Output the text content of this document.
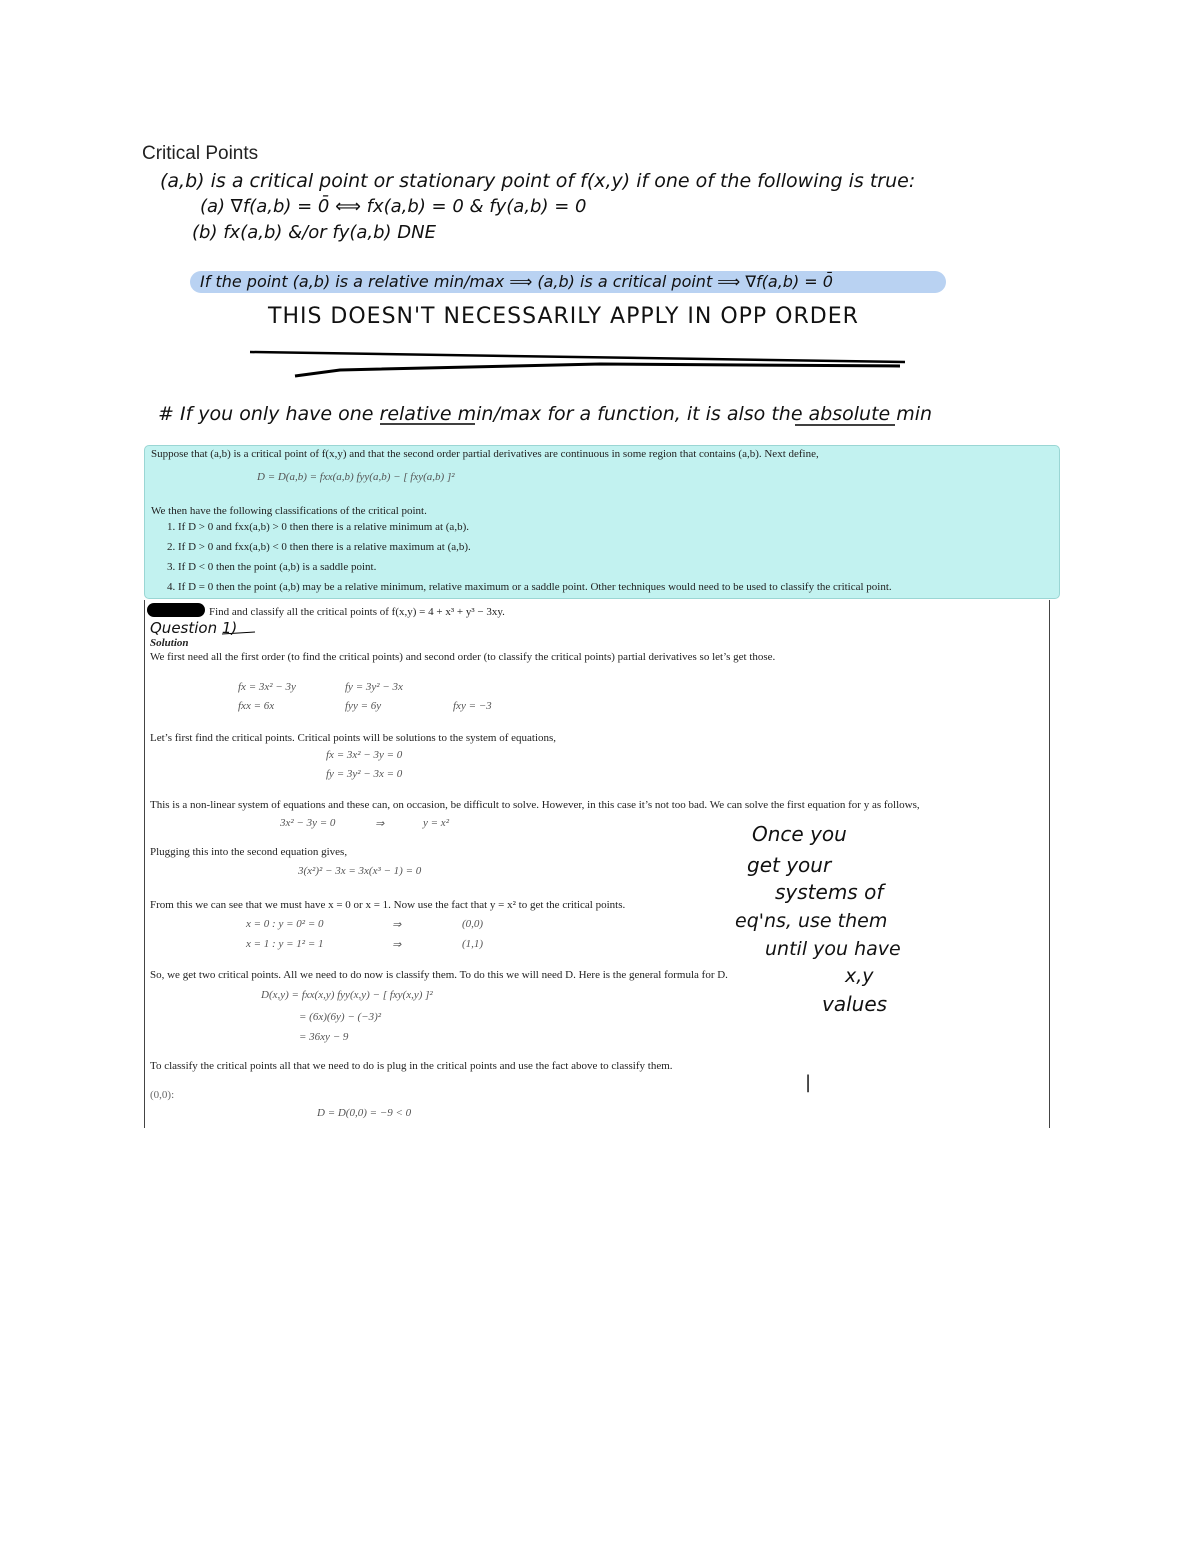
Critical Points
(a,b) is a critical point or stationary point of f(x,y) if one of the following is true:
(a) ∇f(a,b) = 0̄ ⟺ fx(a,b) = 0 & fy(a,b) = 0
(b) fx(a,b) &/or fy(a,b) DNE
If the point (a,b) is a relative min/max ⟹ (a,b) is a critical point ⟹ ∇f(a,b) = 0̄
THIS DOESN'T NECESSARILY APPLY IN OPP ORDER
# If you only have one relative min/max for a function, it is also the absolute min
Suppose that (a,b) is a critical point of f(x,y) and that the second order partial derivatives are continuous in some region that contains (a,b). Next define,
D = D(a,b) = fxx(a,b) fyy(a,b) − [ fxy(a,b) ]²
We then have the following classifications of the critical point.
1. If D > 0 and fxx(a,b) > 0 then there is a relative minimum at (a,b).
2. If D > 0 and fxx(a,b) < 0 then there is a relative maximum at (a,b).
3. If D < 0 then the point (a,b) is a saddle point.
4. If D = 0 then the point (a,b) may be a relative minimum, relative maximum or a saddle point. Other techniques would need to be used to classify the critical point.
Find and classify all the critical points of f(x,y) = 4 + x³ + y³ − 3xy.
Question 1)
Solution
We first need all the first order (to find the critical points) and second order (to classify the critical points) partial derivatives so let’s get those.
fx = 3x² − 3y	fy = 3y² − 3x
fxx = 6x	fyy = 6y	fxy = −3
Let’s first find the critical points. Critical points will be solutions to the system of equations,
fx = 3x² − 3y = 0
fy = 3y² − 3x = 0
This is a non-linear system of equations and these can, on occasion, be difficult to solve. However, in this case it’s not too bad. We can solve the first equation for y as follows,
3x² − 3y = 0	⇒	y = x²
Plugging this into the second equation gives,
3(x²)² − 3x = 3x(x³ − 1) = 0
From this we can see that we must have x = 0 or x = 1. Now use the fact that y = x² to get the critical points.
x = 0 : y = 0² = 0	⇒	(0,0)
x = 1 : y = 1² = 1	⇒	(1,1)
So, we get two critical points. All we need to do now is classify them. To do this we will need D. Here is the general formula for D.
D(x,y) = fxx(x,y) fyy(x,y) − [ fxy(x,y) ]²
= (6x)(6y) − (−3)²
= 36xy − 9
To classify the critical points all that we need to do is plug in the critical points and use the fact above to classify them.
(0,0):
D = D(0,0) = −9 < 0
Once you
get your
systems of
eq'ns, use them
until you have
x,y
values
|
